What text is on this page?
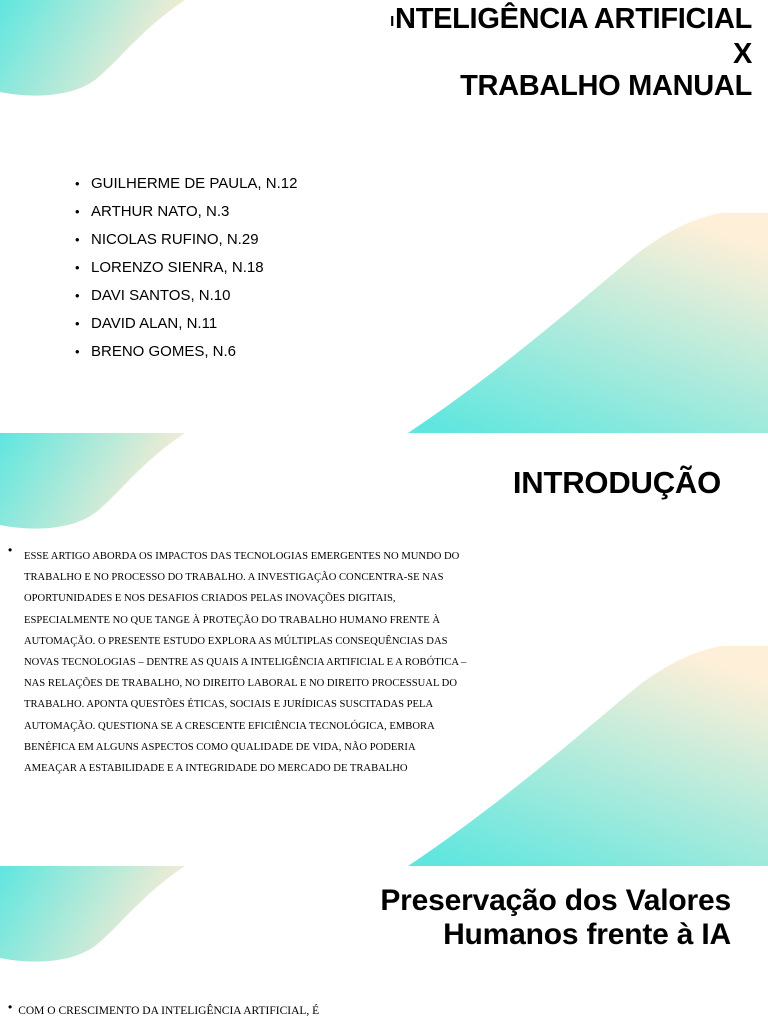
INTELIGÊNCIA ARTIFICIAL
X
TRABALHO MANUAL
• GUILHERME DE PAULA, N.12
• ARTHUR NATO, N.3
• NICOLAS RUFINO, N.29
• LORENZO SIENRA, N.18
• DAVI SANTOS, N.10
• DAVID ALAN, N.11
• BRENO GOMES, N.6
INTRODUÇÃO
•	ESSE ARTIGO ABORDA OS IMPACTOS DAS TECNOLOGIAS EMERGENTES NO MUNDO DO TRABALHO E NO PROCESSO DO TRABALHO. A INVESTIGAÇÃO CONCENTRA-SE NAS OPORTUNIDADES E NOS DESAFIOS CRIADOS PELAS INOVAÇÕES DIGITAIS, ESPECIALMENTE NO QUE TANGE À PROTEÇÃO DO TRABALHO HUMANO FRENTE À AUTOMAÇÃO. O PRESENTE ESTUDO EXPLORA AS MÚLTIPLAS CONSEQUÊNCIAS DAS NOVAS TECNOLOGIAS – DENTRE AS QUAIS A INTELIGÊNCIA ARTIFICIAL E A ROBÓTICA – NAS RELAÇÕES DE TRABALHO, NO DIREITO LABORAL E NO DIREITO PROCESSUAL DO TRABALHO. APONTA QUESTÕES ÉTICAS, SOCIAIS E JURÍDICAS SUSCITADAS PELA AUTOMAÇÃO. QUESTIONA SE A CRESCENTE EFICIÊNCIA TECNOLÓGICA, EMBORA BENÉFICA EM ALGUNS ASPECTOS COMO QUALIDADE DE VIDA, NÃO PODERIA AMEAÇAR A ESTABILIDADE E A INTEGRIDADE DO MERCADO DE TRABALHO
Preservação dos Valores
Humanos frente à IA
• COM O CRESCIMENTO DA INTELIGÊNCIA ARTIFICIAL, É
